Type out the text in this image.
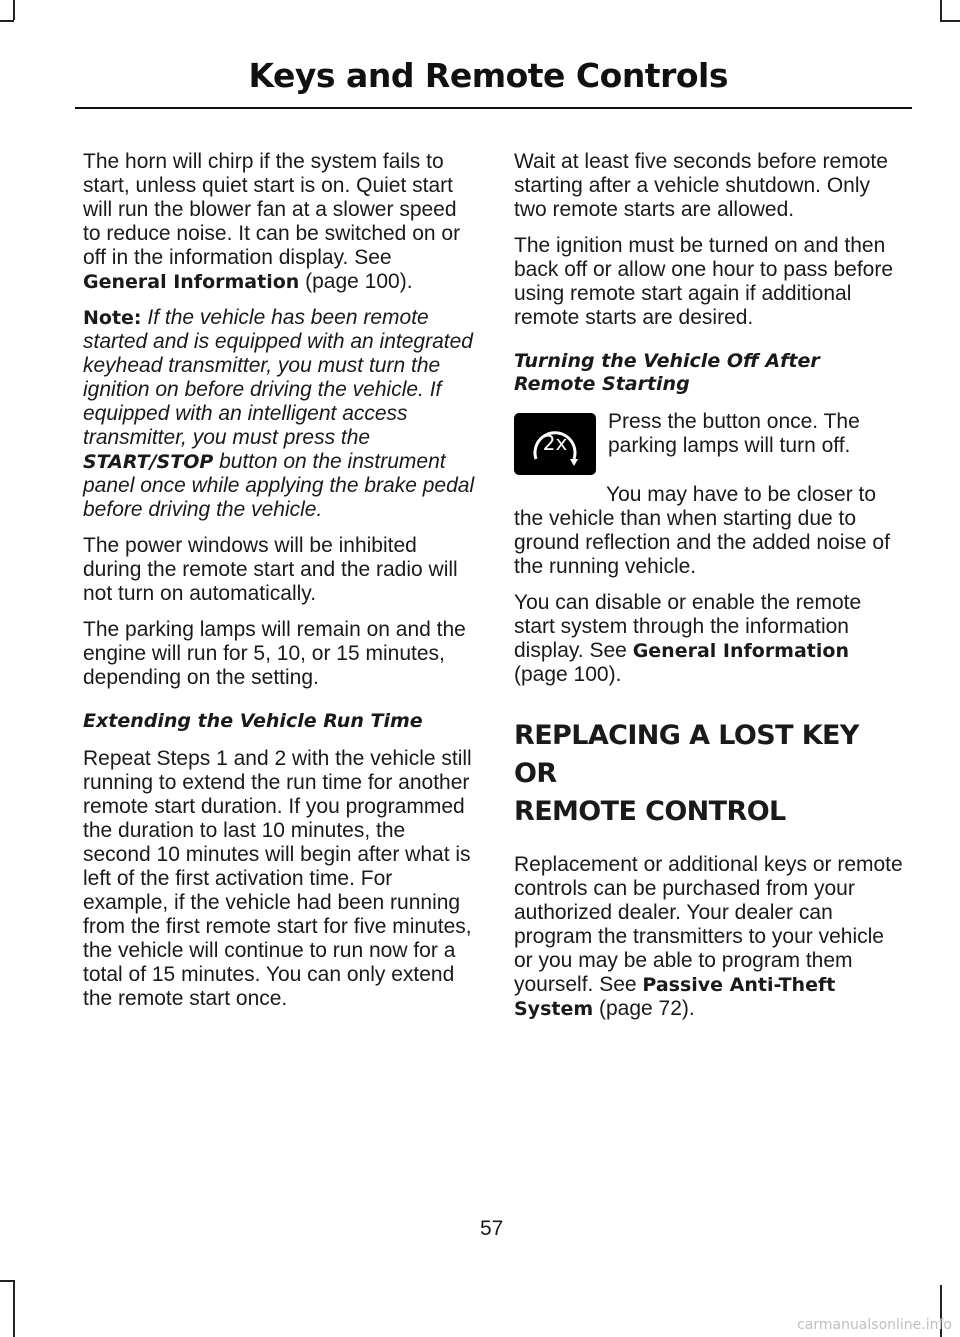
Keys and Remote Controls

The horn will chirp if the system fails to start, unless quiet start is on. Quiet start will run the blower fan at a slower speed to reduce noise. It can be switched on or off in the information display. See General Information (page 100).

Note: If the vehicle has been remote started and is equipped with an integrated keyhead transmitter, you must turn the ignition on before driving the vehicle. If equipped with an intelligent access transmitter, you must press the START/STOP button on the instrument panel once while applying the brake pedal before driving the vehicle.

The power windows will be inhibited during the remote start and the radio will not turn on automatically.

The parking lamps will remain on and the engine will run for 5, 10, or 15 minutes, depending on the setting.

Extending the Vehicle Run Time

Repeat Steps 1 and 2 with the vehicle still running to extend the run time for another remote start duration. If you programmed the duration to last 10 minutes, the second 10 minutes will begin after what is left of the first activation time. For example, if the vehicle had been running from the first remote start for five minutes, the vehicle will continue to run now for a total of 15 minutes. You can only extend the remote start once.

Wait at least five seconds before remote starting after a vehicle shutdown. Only two remote starts are allowed.

The ignition must be turned on and then back off or allow one hour to pass before using remote start again if additional remote starts are desired.

Turning the Vehicle Off After Remote Starting
2x
Press the button once. The parking lamps will turn off.

You may have to be closer to the vehicle than when starting due to ground reflection and the added noise of the running vehicle.

You can disable or enable the remote start system through the information display. See General Information
(page 100).

REPLACING A LOST KEY OR
REMOTE CONTROL

Replacement or additional keys or remote controls can be purchased from your authorized dealer. Your dealer can program the transmitters to your vehicle or you may be able to program them yourself. See Passive Anti-Theft System (page 72).

57
carmanualsonline.info
